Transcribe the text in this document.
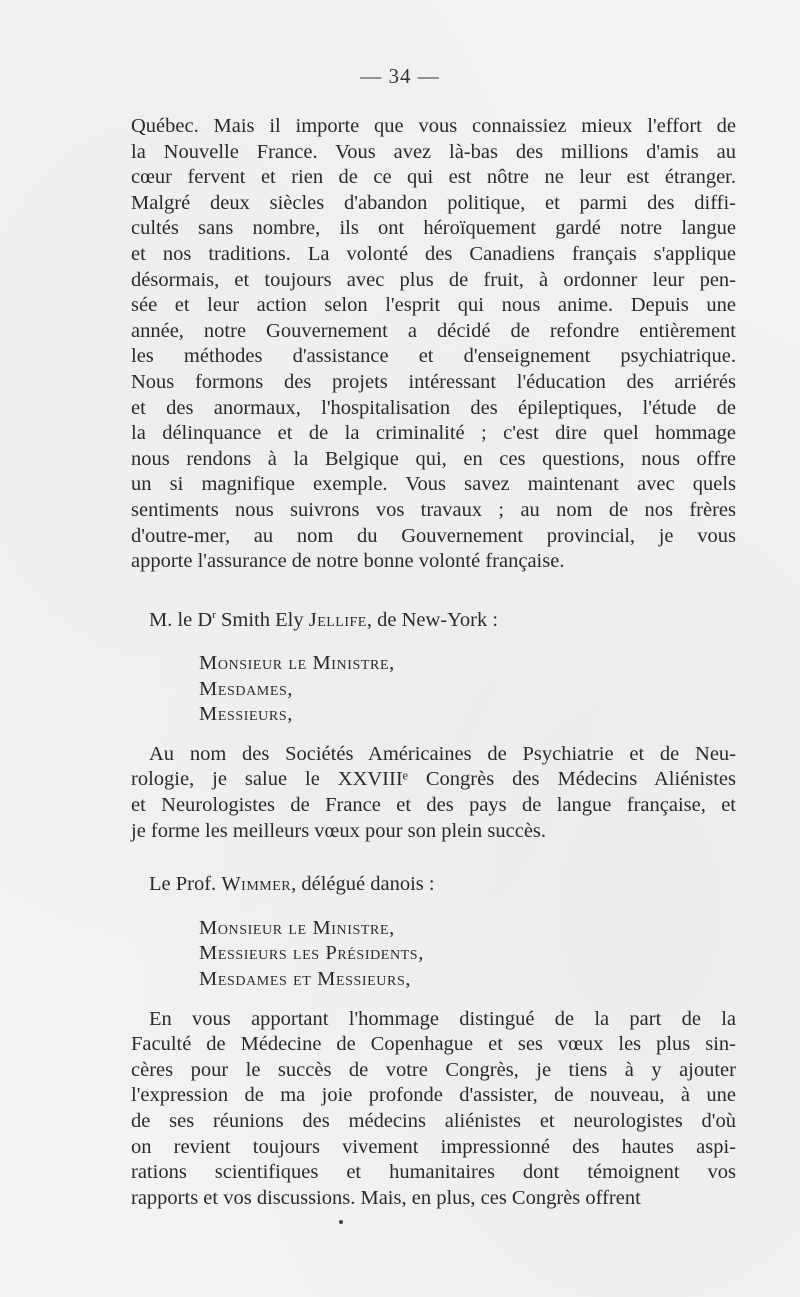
— 34 —
Québec. Mais il importe que vous connaissiez mieux l'effort de
la Nouvelle France. Vous avez là-bas des millions d'amis au
cœur fervent et rien de ce qui est nôtre ne leur est étranger.
Malgré deux siècles d'abandon politique, et parmi des diffi-
cultés sans nombre, ils ont héroïquement gardé notre langue
et nos traditions. La volonté des Canadiens français s'applique
désormais, et toujours avec plus de fruit, à ordonner leur pen-
sée et leur action selon l'esprit qui nous anime. Depuis une
année, notre Gouvernement a décidé de refondre entièrement
les méthodes d'assistance et d'enseignement psychiatrique.
Nous formons des projets intéressant l'éducation des arriérés
et des anormaux, l'hospitalisation des épileptiques, l'étude de
la délinquance et de la criminalité ; c'est dire quel hommage
nous rendons à la Belgique qui, en ces questions, nous offre
un si magnifique exemple. Vous savez maintenant avec quels
sentiments nous suivrons vos travaux ; au nom de nos frères
d'outre-mer, au nom du Gouvernement provincial, je vous
apporte l'assurance de notre bonne volonté française.

M. le $D^r$ Smith Ely Jellife, de New-York :

Monsieur le Ministre,

Mesdames,

Messieurs,

Au nom des Sociétés Américaines de Psychiatrie et de Neu-
rologie, je salue le XXVIIIᵉ Congrès des Médecins Aliénistes
et Neurologistes de France et des pays de langue française, et
je forme les meilleurs vœux pour son plein succès.

Le Prof. Wimmer, délégué danois :

Monsieur le Ministre,

Messieurs les Présidents,

Mesdames et Messieurs,

En vous apportant l'hommage distingué de la part de la
Faculté de Médecine de Copenhague et ses vœux les plus sin-
cères pour le succès de votre Congrès, je tiens à y ajouter
l'expression de ma joie profonde d'assister, de nouveau, à une
de ses réunions des médecins aliénistes et neurologistes d'où
on revient toujours vivement impressionné des hautes aspi-
rations scientifiques et humanitaires dont témoignent vos
rapports et vos discussions. Mais, en plus, ces Congrès offrent
